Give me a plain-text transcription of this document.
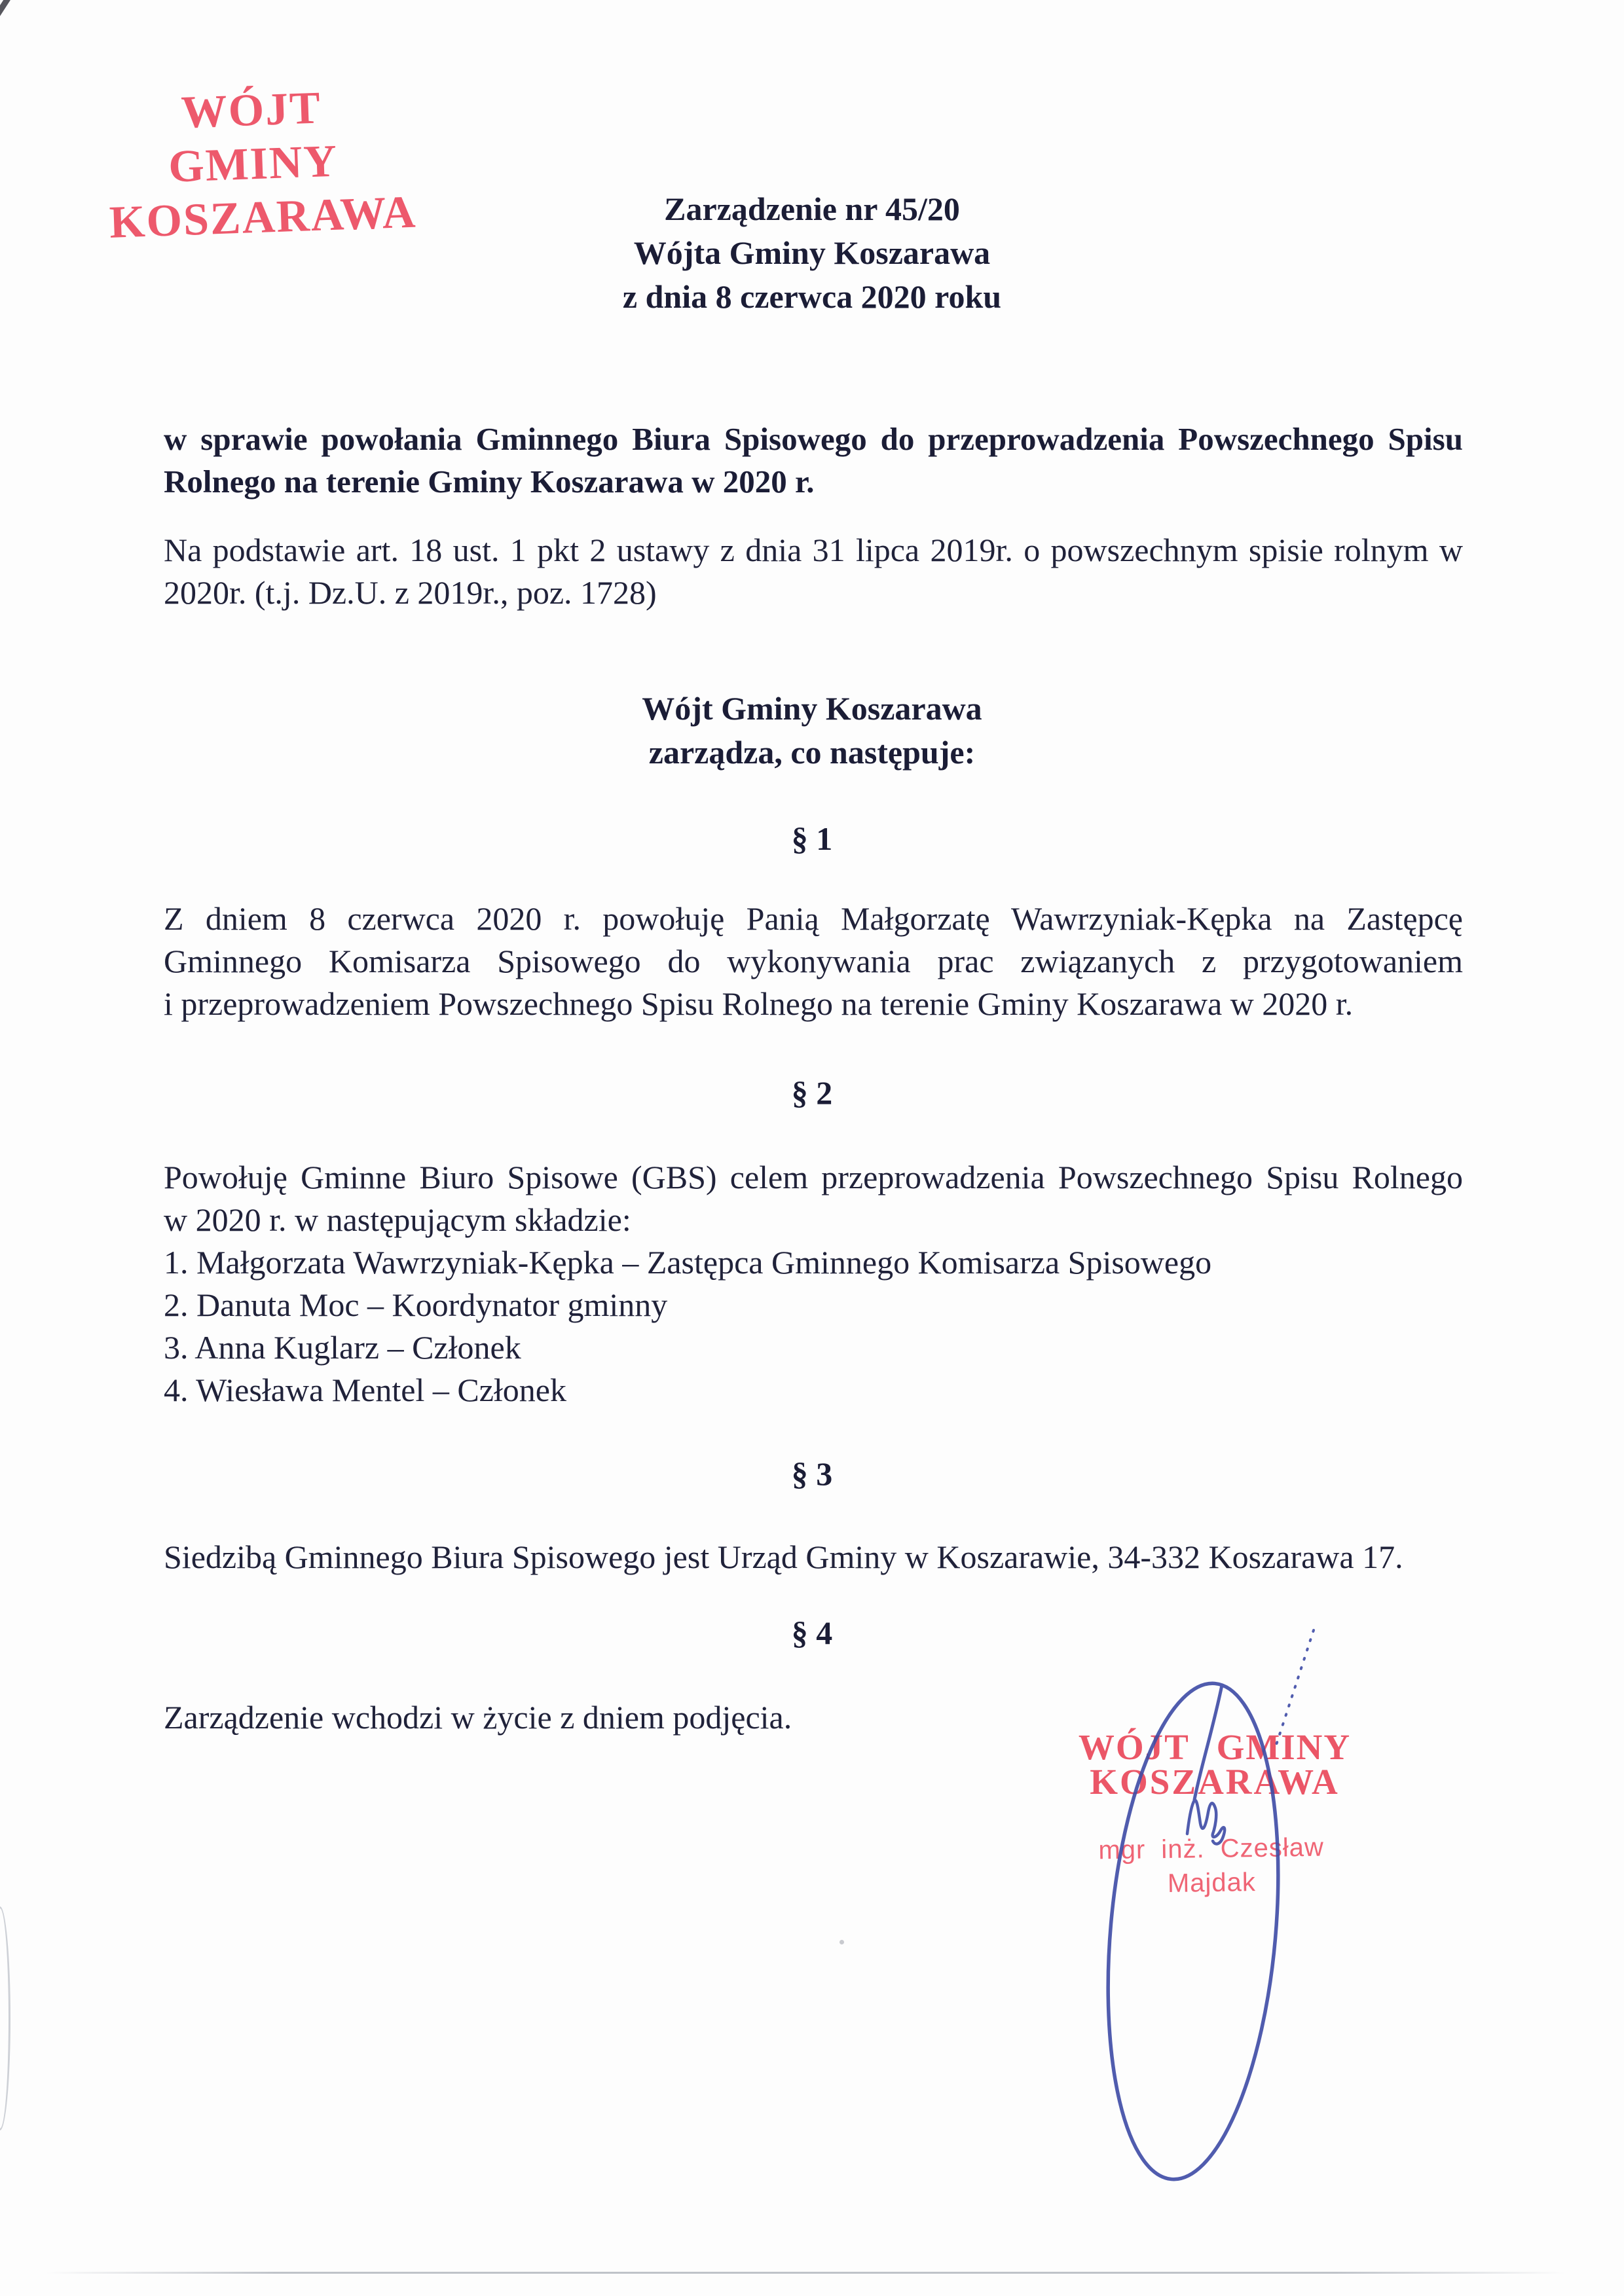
WÓJT GMINY
KOSZARAWA	Zarządzenie nr 45/20
Wójta Gminy Koszarawa
z dnia 8 czerwca 2020 roku
w sprawie powołania Gminnego Biura Spisowego do przeprowadzenia Powszechnego Spisu
Rolnego na terenie Gminy Koszarawa w 2020 r.
Na podstawie art. 18 ust. 1 pkt 2 ustawy z dnia 31 lipca 2019r. o powszechnym spisie rolnym w
2020r. (t.j. Dz.U. z 2019r., poz. 1728)
Wójt Gminy Koszarawa
zarządza, co następuje:
§ 1
Z dniem 8 czerwca 2020 r. powołuję Panią Małgorzatę Wawrzyniak-Kępka na Zastępcę
Gminnego Komisarza Spisowego do wykonywania prac związanych z przygotowaniem
i przeprowadzeniem Powszechnego Spisu Rolnego na terenie Gminy Koszarawa w 2020 r.
§ 2
Powołuję Gminne Biuro Spisowe (GBS) celem przeprowadzenia Powszechnego Spisu Rolnego
w 2020 r. w następującym składzie:
1. Małgorzata Wawrzyniak-Kępka – Zastępca Gminnego Komisarza Spisowego
2. Danuta Moc – Koordynator gminny
3. Anna Kuglarz – Członek
4. Wiesława Mentel – Członek
§ 3
Siedzibą Gminnego Biura Spisowego jest Urząd Gminy w Koszarawie, 34-332 Koszarawa 17.
§ 4
Zarządzenie wchodzi w życie z dniem podjęcia.
WÓJT GMINY
KOSZARAWA
mgr inż. Czesław Majdak
